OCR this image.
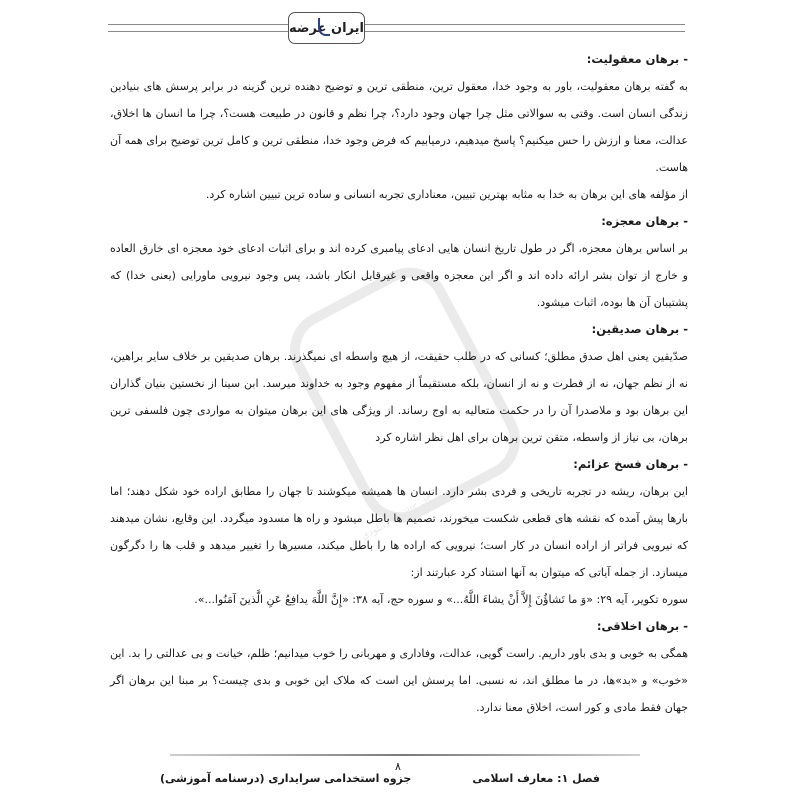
ایران عرضه
فروشگاه کالاهای دانلودی
- برهان معقولیت:

به گفته برهان معقولیت، باور به وجود خدا، معقول ترین، منطقی ترین و توضیح دهنده ترین گزینه در برابر پرسش های بنیادین زندگی انسان است. وقتی به سوالاتی مثل چرا جهان وجود دارد؟، چرا نظم و قانون در طبیعت هست؟، چرا ما انسان ها اخلاق، عدالت، معنا و ارزش را حس میکنیم؟ پاسخ میدهیم، درمیابیم که فرض وجود خدا، منطقی ترین و کامل ترین توضیح برای همه آن هاست.

از مؤلفه های این برهان به خدا به مثابه بهترین تبیین، معناداری تجربه انسانی و ساده ترین تبیین اشاره کرد.

- برهان معجزه:

بر اساس برهان معجزه، اگر در طول تاریخ انسان هایی ادعای پیامبری کرده اند و برای اثبات ادعای خود معجزه ای خارق العاده و خارج از توان بشر ارائه داده اند و اگر این معجزه واقعی و غیرقابل انکار باشد، پس وجود نیرویی ماورایی (یعنی خدا) که پشتیبان آن ها بوده، اثبات میشود.

- برهان صدیقین:

صدّیقین یعنی اهل صدق مطلق؛ کسانی که در طلب حقیقت، از هیچ واسطه ای نمیگذرند. برهان صدیقین بر خلاف سایر براهین، نه از نظم جهان، نه از فطرت و نه از انسان، بلکه مستقیماً از مفهوم وجود به خداوند میرسد. ابن سینا از نخستین بنیان گذاران این برهان بود و ملاصدرا آن را در حکمت متعالیه به اوج رساند. از ویژگی های این برهان میتوان به مواردی چون فلسفی ترین برهان، بی نیاز از واسطه، متقن ترین برهان برای اهل نظر اشاره کرد

- برهان فسخ عزائم:

این برهان، ریشه در تجربه تاریخی و فردی بشر دارد. انسان ها همیشه میکوشند تا جهان را مطابق اراده خود شکل دهند؛ اما بارها پیش آمده که نقشه های قطعی شکست میخورند، تصمیم ها باطل میشود و راه ها مسدود میگردد. این وقایع، نشان میدهند که نیرویی فراتر از اراده انسان در کار است؛ نیرویی که اراده ها را باطل میکند، مسیرها را تغییر میدهد و قلب ها را دگرگون میسازد. از جمله آیاتی که میتوان به آنها استناد کرد عبارتند از:

سوره تکویر، آیه ۲۹: «وَ ما تَشاؤُنَ إِلاَّ أَنْ یشاءَ اللَّهُ...» و سوره حج، آیه ۳۸: «إِنَّ اللَّهَ یدافِعُ عَنِ الَّذینَ آمَنُوا...».

- برهان اخلاقی:

همگی به خوبی و بدی باور داریم. راست گویی، عدالت، وفاداری و مهربانی را خوب میدانیم؛ ظلم، خیانت و بی عدالتی را بد. این «خوب» و «بد»ها، در ما مطلق اند، نه نسبی. اما پرسش این است که ملاک این خوبی و بدی چیست؟ بر مبنا این برهان اگر جهان فقط مادی و کور است، اخلاق معنا ندارد.

۸
فصل ۱: معارف اسلامی
جزوه استخدامی سرایداری (درسنامه آموزشی)
